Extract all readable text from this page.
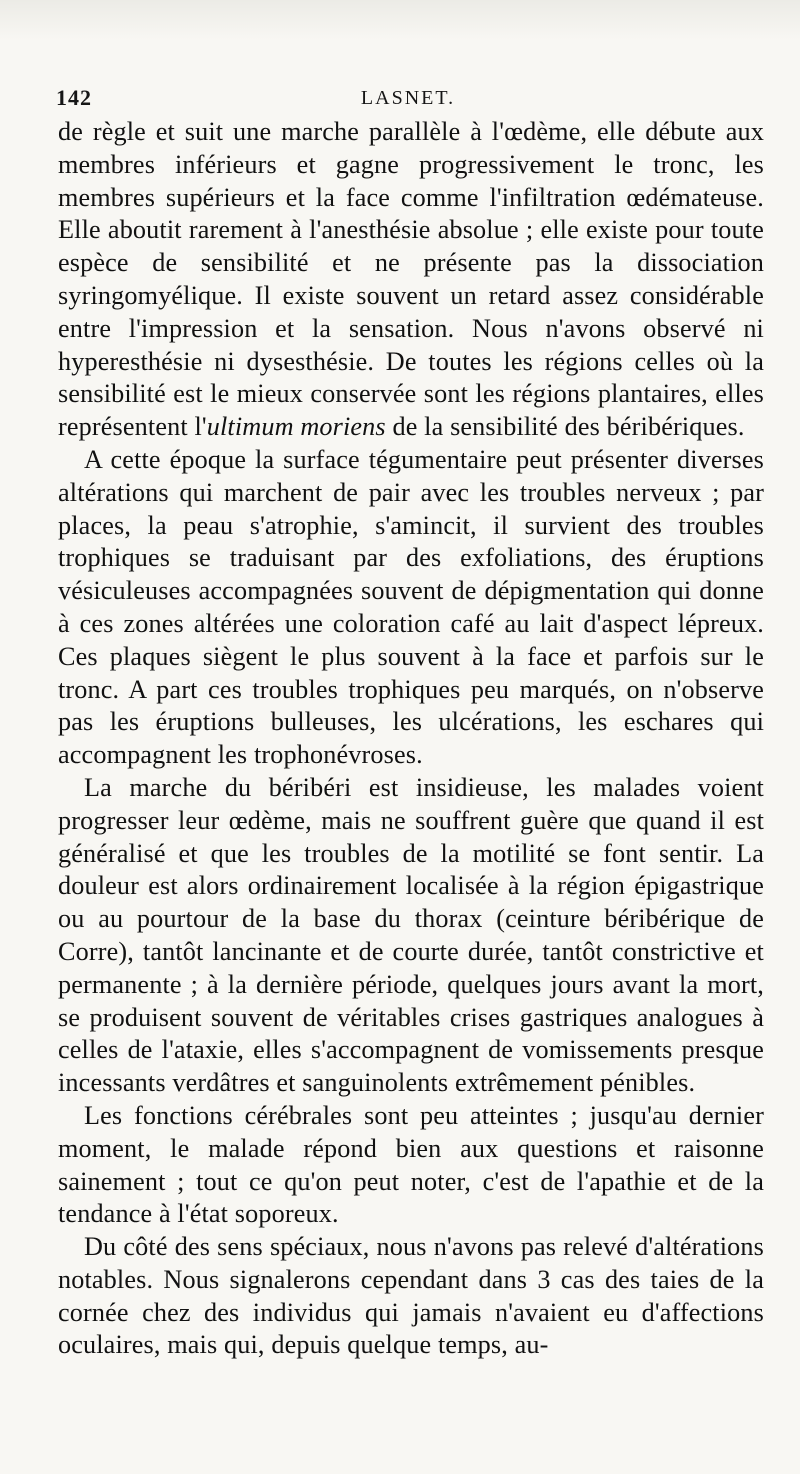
142	LASNET.

de règle et suit une marche parallèle à l'œdème, elle débute aux membres inférieurs et gagne progressivement le tronc, les membres supérieurs et la face comme l'infiltration œdémateuse. Elle aboutit rarement à l'anesthésie absolue ; elle existe pour toute espèce de sensibilité et ne présente pas la dissociation syringomyélique. Il existe souvent un retard assez considérable entre l'impression et la sensation. Nous n'avons observé ni hyperesthésie ni dysesthésie. De toutes les régions celles où la sensibilité est le mieux conservée sont les régions plantaires, elles représentent l'ultimum moriens de la sensibilité des béribériques.

A cette époque la surface tégumentaire peut présenter diverses altérations qui marchent de pair avec les troubles nerveux ; par places, la peau s'atrophie, s'amincit, il survient des troubles trophiques se traduisant par des exfoliations, des éruptions vésiculeuses accompagnées souvent de dépigmentation qui donne à ces zones altérées une coloration café au lait d'aspect lépreux. Ces plaques siègent le plus souvent à la face et parfois sur le tronc. A part ces troubles trophiques peu marqués, on n'observe pas les éruptions bulleuses, les ulcérations, les eschares qui accompagnent les trophonévroses.

La marche du béribéri est insidieuse, les malades voient progresser leur œdème, mais ne souffrent guère que quand il est généralisé et que les troubles de la motilité se font sentir. La douleur est alors ordinairement localisée à la région épigastrique ou au pourtour de la base du thorax (ceinture béribérique de Corre), tantôt lancinante et de courte durée, tantôt constrictive et permanente ; à la dernière période, quelques jours avant la mort, se produisent souvent de véritables crises gastriques analogues à celles de l'ataxie, elles s'accompagnent de vomissements presque incessants verdâtres et sanguinolents extrêmement pénibles.

Les fonctions cérébrales sont peu atteintes ; jusqu'au dernier moment, le malade répond bien aux questions et raisonne sainement ; tout ce qu'on peut noter, c'est de l'apathie et de la tendance à l'état soporeux.

Du côté des sens spéciaux, nous n'avons pas relevé d'altérations notables. Nous signalerons cependant dans 3 cas des taies de la cornée chez des individus qui jamais n'avaient eu d'affections oculaires, mais qui, depuis quelque temps, au-
